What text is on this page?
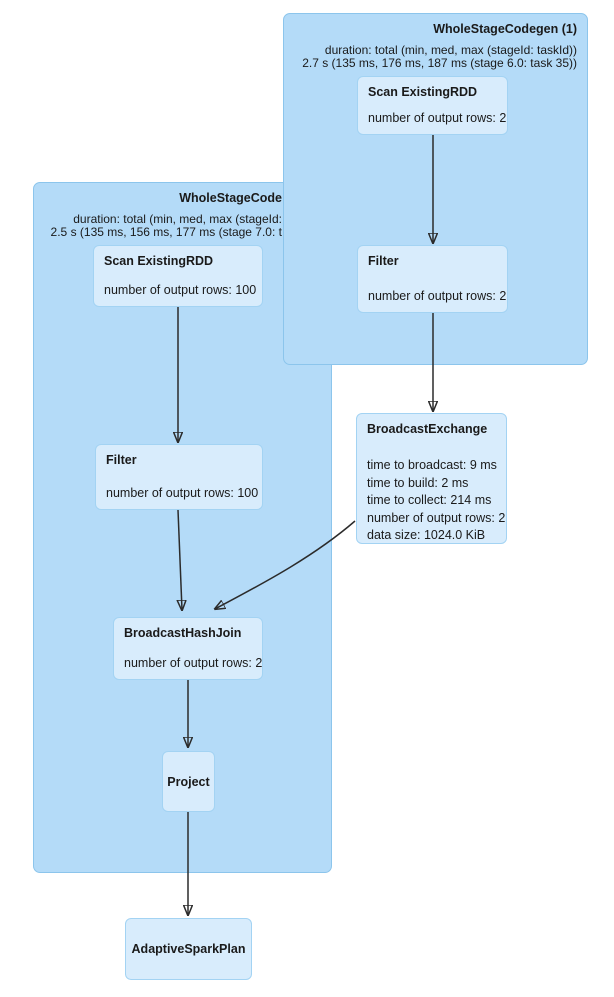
WholeStageCode
duration: total (min, med, max (stageId:
2.5 s (135 ms, 156 ms, 177 ms (stage 7.0: t
WholeStageCodegen (1)
duration: total (min, med, max (stageId: taskId))
2.7 s (135 ms, 176 ms, 187 ms (stage 6.0: task 35))
Scan ExistingRDD
number of output rows: 2
Filter
number of output rows: 2
Scan ExistingRDD
number of output rows: 100
Filter
number of output rows: 100
BroadcastExchange
time to broadcast: 9 ms
time to build: 2 ms
time to collect: 214 ms
number of output rows: 2
data size: 1024.0 KiB
BroadcastHashJoin
number of output rows: 2
Project
AdaptiveSparkPlan
